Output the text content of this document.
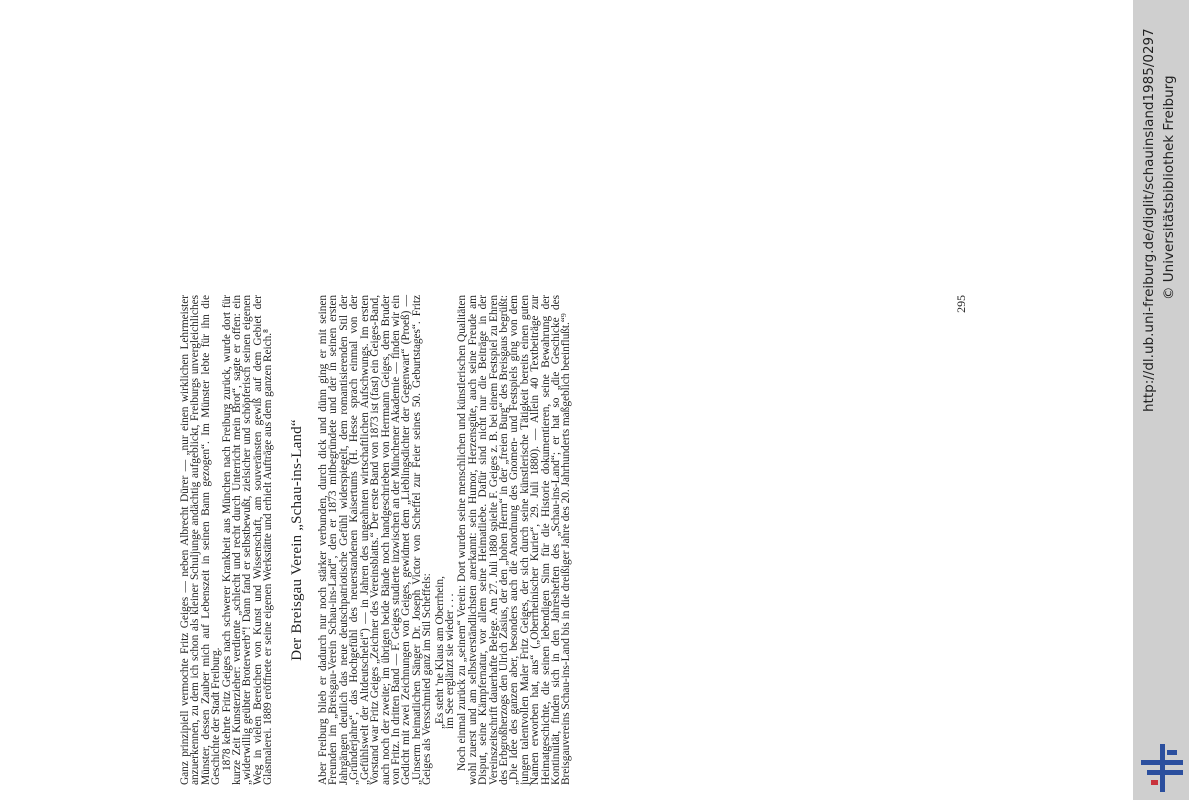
Ganz prinzipiell vermochte Fritz Geiges — neben Albrecht Dürer — „nur einen wirklichen Lehrmeister anzuerkennen, zu dem ich schon als kleiner Schuljunge andächtig aufgeblickt, Freiburgs unvergleichliches Münster, dessen Zauber mich auf Lebenszeit in seinen Bann gezogen“. Im Münster lebte für ihn die Geschichte der Stadt Freiburg.

1878 kehrte Fritz Geiges nach schwerer Krankheit aus München nach Freiburg zurück, wurde dort für kurze Zeit Kunsterzieher: verdiente „schlecht und recht durch Unterricht mein Brot“, sagte er offen: ein „widerwillig geübter Broterwerb“! Dann fand er selbstbewußt, zielsicher und schöpferisch seinen eigenen Weg in vielen Bereichen von Kunst und Wissenschaft, am souveränsten gewiß auf dem Gebiet der Glasmalerei. 1889 eröffnete er seine eigenen Werkstätte und erhielt Aufträge aus dem ganzen Reich.⁸ Der Breisgau Verein „Schau-ins-Land“ Aber Freiburg blieb er dadurch nur noch stärker verbunden, durch dick und dünn ging er mit seinen Freunden im „Breisgau-Verein Schau-ins-Land“, den er 1873 mitbegründete und der in seinen ersten Jahrgängen deutlich das neue deutschpatriotische Gefühl widerspiegelt, dem romantisierenden Stil der „Gründerjahre“, das Hochgefühl des neuerstandenen Kaisertums (H. Hesse sprach einmal von der „Gefühlswelt der Altdeutschelei“) — in Jahren des ungeahnten wirtschaftlichen Aufschwungs. Im ersten Vorstand war Fritz Geiges „Zeichner des Vereinsblatts.“ Der erste Band von 1873 ist (fast) ein Geiges-Band, auch noch der zweite; im übrigen beide Bände noch handgeschrieben von Herrmann Geiges, dem Bruder von Fritz. In dritten Band — F. Geiges studierte inzwischen an der Münchener Akademie — finden wir ein Gedicht mit zwei Zeichnungen von Geiges, gewidmet dem „Lieblingsdichter der Gegenwart“ (Proeß) — „Unserm heimatlichen Sänger Dr. Joseph Victor von Scheffel zur Feier seines 50. Geburtstages“. Fritz Geiges als Versschmied ganz im Stil Scheffels: „Es steht 'ne Klaus am Oberrhein,
im See erglänzt sie wieder . . . Noch einmal zurück zu „seinem“ Verein: Dort wurden seine menschlichen und künstlerischen Qualitäten wohl zuerst und am selbstverständlichsten anerkannt: sein Humor, Herzensgüte, auch seine Freude am Disput, seine Kämpfernatur, vor allem seine Heimatliebe. Dafür sind nicht nur die Beiträge in der Vereinszeitschrift dauerhafte Belege. Am 27. Juli 1880 spielte F. Geiges z. B. bei einem Festspiel zu Ehren des Erbgroßherzogs den Ulrich Zasius, der den „hohen Herrn“ in der „freien Burg“ des Breisgaus begrüßt: „Die Idee des ganzen aber, besonders auch die Anordnung des Gnomen- und Festspiels ging von dem jungen talentvollen Maler Fritz Geiges, der sich durch seine künstlerische Tätigkeit bereits einen guten Namen erworben hat, aus“ („Oberrheinischer Kurier“, 29. Juli 1880). — Allein 40 Textbeiträge zur Heimatgeschichte, die seinen lebendigen Sinn für die Historie dokumentieren, seine Bewahrung der Kontinuität, finden sich in den Jahresheften des „Schau-ins-Land“; er hat so „die Geschicke des Breisgauvereins Schau-ins-Land bis in die dreißiger Jahre des 20. Jahrhunderts maßgeblich beeinflußt.“⁹

295	http://dl.ub.uni-freiburg.de/diglit/schauinsland1985/0297 © Universitätsbibliothek Freiburg
